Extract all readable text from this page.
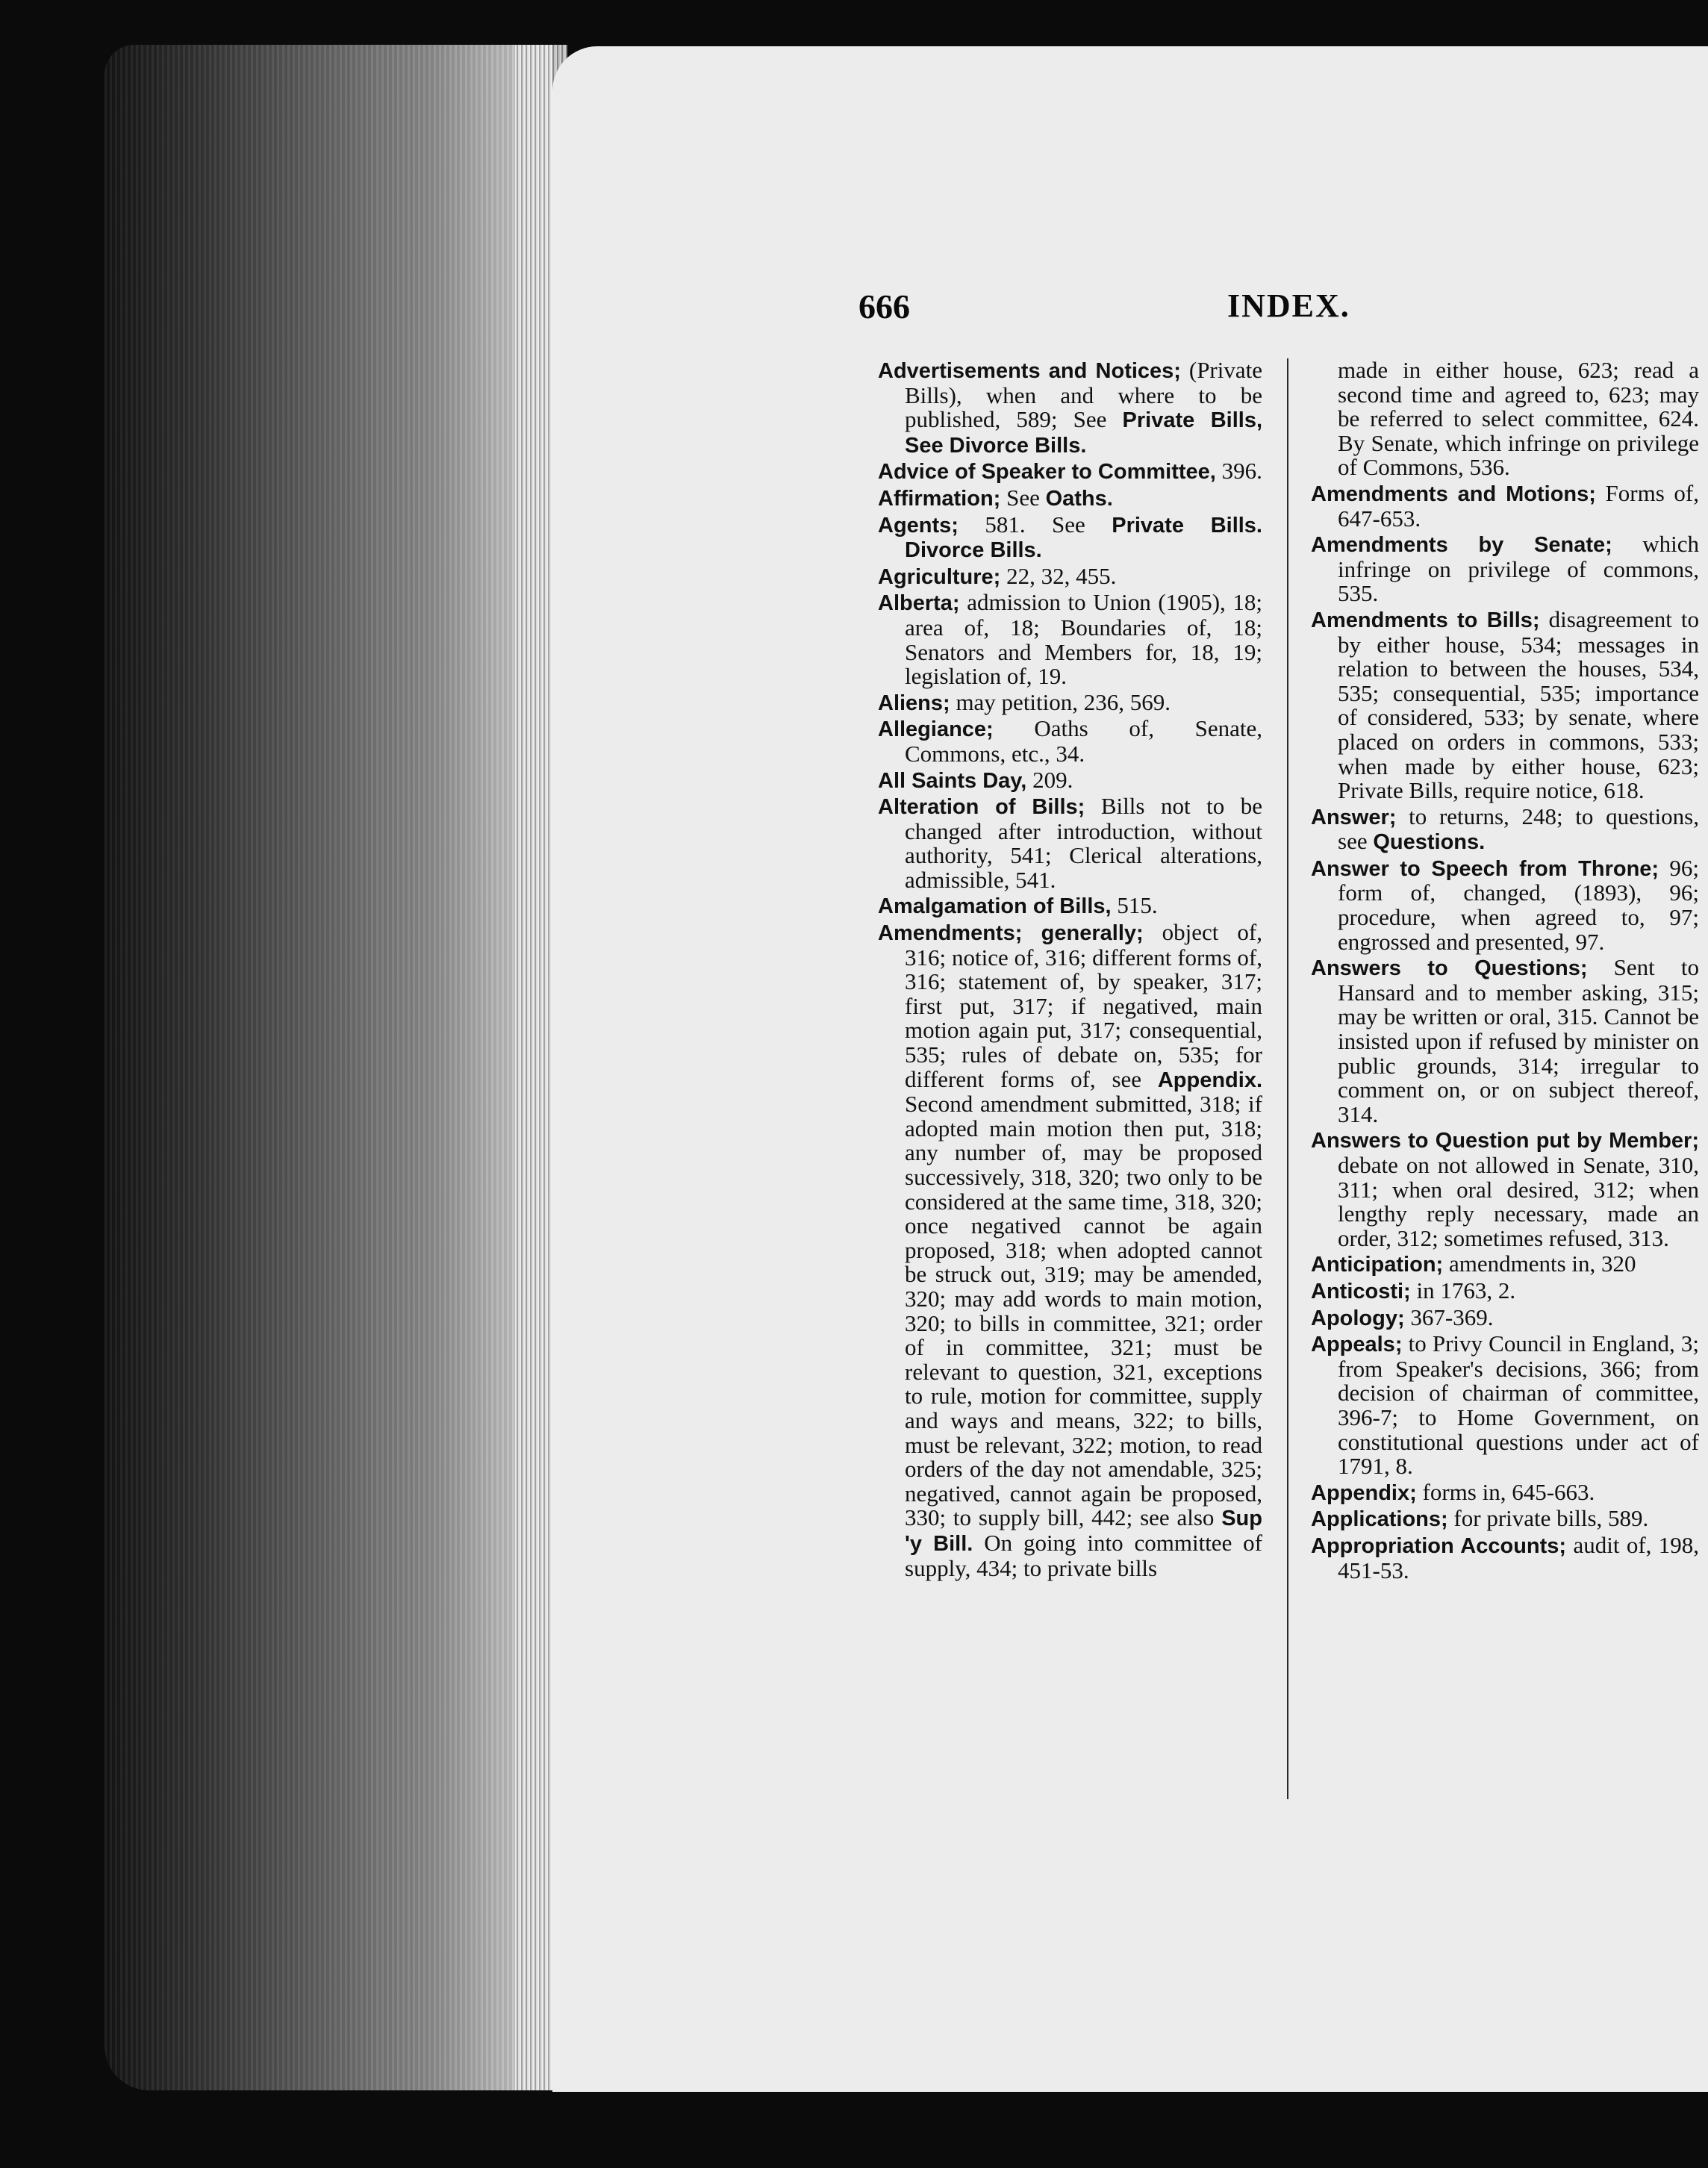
666	INDEX.

Advertisements and Notices; (Private Bills), when and where to be published, 589; See Private Bills, See Divorce Bills.

Advice of Speaker to Committee, 396.

Affirmation; See Oaths.

Agents; 581. See Private Bills. Divorce Bills.

Agriculture; 22, 32, 455.

Alberta; admission to Union (1905), 18; area of, 18; Boundaries of, 18; Senators and Members for, 18, 19; legislation of, 19.

Aliens; may petition, 236, 569.

Allegiance; Oaths of, Senate, Commons, etc., 34.

All Saints Day, 209.

Alteration of Bills; Bills not to be changed after introduction, without authority, 541; Clerical alterations, admissible, 541.

Amalgamation of Bills, 515.

Amendments; generally; object of, 316; notice of, 316; different forms of, 316; statement of, by speaker, 317; first put, 317; if negatived, main motion again put, 317; consequential, 535; rules of debate on, 535; for different forms of, see Appendix. Second amendment submitted, 318; if adopted main motion then put, 318; any number of, may be proposed successively, 318, 320; two only to be considered at the same time, 318, 320; once negatived cannot be again proposed, 318; when adopted cannot be struck out, 319; may be amended, 320; may add words to main motion, 320; to bills in committee, 321; order of in committee, 321; must be relevant to question, 321, exceptions to rule, motion for committee, supply and ways and means, 322; to bills, must be relevant, 322; motion, to read orders of the day not amendable, 325; negatived, cannot again be proposed, 330; to supply bill, 442; see also Sup 'y Bill. On going into committee of supply, 434; to private bills

made in either house, 623; read a second time and agreed to, 623; may be referred to select committee, 624. By Senate, which infringe on privilege of Commons, 536.

Amendments and Motions; Forms of, 647-653.

Amendments by Senate; which infringe on privilege of commons, 535.

Amendments to Bills; disagreement to by either house, 534; messages in relation to between the houses, 534, 535; consequential, 535; importance of considered, 533; by senate, where placed on orders in commons, 533; when made by either house, 623; Private Bills, require notice, 618.

Answer; to returns, 248; to questions, see Questions.

Answer to Speech from Throne; 96; form of, changed, (1893), 96; procedure, when agreed to, 97; engrossed and presented, 97.

Answers to Questions; Sent to Hansard and to member asking, 315; may be written or oral, 315. Cannot be insisted upon if refused by minister on public grounds, 314; irregular to comment on, or on subject thereof, 314.

Answers to Question put by Member; debate on not allowed in Senate, 310, 311; when oral desired, 312; when lengthy reply necessary, made an order, 312; sometimes refused, 313.

Anticipation; amendments in, 320

Anticosti; in 1763, 2.

Apology; 367-369.

Appeals; to Privy Council in England, 3; from Speaker's decisions, 366; from decision of chairman of committee, 396-7; to Home Government, on constitutional questions under act of 1791, 8.

Appendix; forms in, 645-663.

Applications; for private bills, 589.

Appropriation Accounts; audit of, 198, 451-53.
